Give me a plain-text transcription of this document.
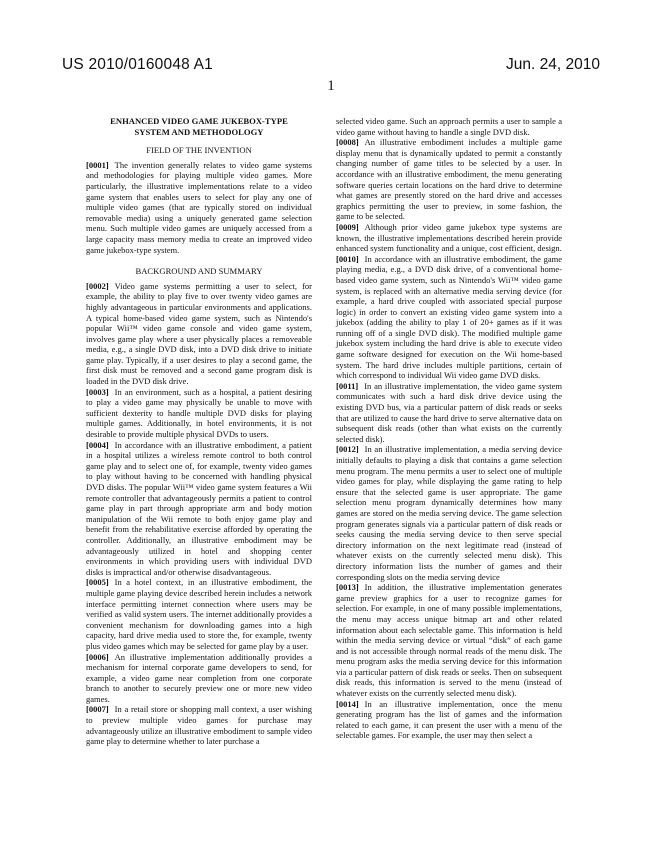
US 2010/0160048 A1	Jun. 24, 2010
1
ENHANCED VIDEO GAME JUKEBOX-TYPE
SYSTEM AND METHODOLOGY
FIELD OF THE INVENTION

[0001] The invention generally relates to video game systems and methodologies for playing multiple video games. More particularly, the illustrative implementations relate to a video game system that enables users to select for play any one of multiple video games (that are typically stored on individual removable media) using a uniquely generated game selection menu. Such multiple video games are uniquely accessed from a large capacity mass memory media to create an improved video game jukebox-type system.

BACKGROUND AND SUMMARY

[0002] Video game systems permitting a user to select, for example, the ability to play five to over twenty video games are highly advantageous in particular environments and applications. A typical home-based video game system, such as Nintendo's popular Wii™ video game console and video game system, involves game play where a user physically places a removeable media, e.g., a single DVD disk, into a DVD disk drive to initiate game play. Typically, if a user desires to play a second game, the first disk must be removed and a second game program disk is loaded in the DVD disk drive.

[0003] In an environment, such as a hospital, a patient desiring to play a video game may physically be unable to move with sufficient dexterity to handle multiple DVD disks for playing multiple games. Additionally, in hotel environments, it is not desirable to provide multiple physical DVDs to users.

[0004] In accordance with an illustrative embodiment, a patient in a hospital utilizes a wireless remote control to both control game play and to select one of, for example, twenty video games to play without having to be concerned with handling physical DVD disks. The popular Wii™ video game system features a Wii remote controller that advantageously permits a patient to control game play in part through appropriate arm and body motion manipulation of the Wii remote to both enjoy game play and benefit from the rehabilitative exercise afforded by operating the controller. Additionally, an illustrative embodiment may be advantageously utilized in hotel and shopping center environments in which providing users with individual DVD disks is impractical and/or otherwise disadvantageous.

[0005] In a hotel context, in an illustrative embodiment, the multiple game playing device described herein includes a network interface permitting internet connection where users may be verified as valid system users. The internet additionally provides a convenient mechanism for downloading games into a high capacity, hard drive media used to store the, for example, twenty plus video games which may be selected for game play by a user.

[0006] An illustrative implementation additionally provides a mechanism for internal corporate game developers to send, for example, a video game near completion from one corporate branch to another to securely preview one or more new video games.

[0007] In a retail store or shopping mall context, a user wishing to preview multiple video games for purchase may advantageously utilize an illustrative embodiment to sample video game play to determine whether to later purchase a

selected video game. Such an approach permits a user to sample a video game without having to handle a single DVD disk.

[0008] An illustrative embodiment includes a multiple game display menu that is dynamically updated to permit a constantly changing number of game titles to be selected by a user. In accordance with an illustrative embodiment, the menu generating software queries certain locations on the hard drive to determine what games are presently stored on the hard drive and accesses graphics permitting the user to preview, in some fashion, the game to be selected.

[0009] Although prior video game jukebox type systems are known, the illustrative implementations described herein provide enhanced system functionality and a unique, cost efficient, design.

[0010] In accordance with an illustrative embodiment, the game playing media, e.g., a DVD disk drive, of a conventional home-based video game system, such as Nintendo's Wii™ video game system, is replaced with an alternative media serving device (for example, a hard drive coupled with associated special purpose logic) in order to convert an existing video game system into a jukebox (adding the ability to play 1 of 20+ games as if it was running off of a single DVD disk). The modified multiple game jukebox system including the hard drive is able to execute video game software designed for execution on the Wii home-based system. The hard drive includes multiple partitions, certain of which correspond to individual Wii video game DVD disks.

[0011] In an illustrative implementation, the video game system communicates with such a hard disk drive device using the existing DVD bus, via a particular pattern of disk reads or seeks that are utilized to cause the hard drive to serve alternative data on subsequent disk reads (other than what exists on the currently selected disk).

[0012] In an illustrative implementation, a media serving device initially defaults to playing a disk that contains a game selection menu program. The menu permits a user to select one of multiple video games for play, while displaying the game rating to help ensure that the selected game is user appropriate. The game selection menu program dynamically determines how many games are stored on the media serving device. The game selection program generates signals via a particular pattern of disk reads or seeks causing the media serving device to then serve special directory information on the next legitimate read (instead of whatever exists on the currently selected menu disk). This directory information lists the number of games and their corresponding slots on the media serving device

[0013] In addition, the illustrative implementation generates game preview graphics for a user to recognize games for selection. For example, in one of many possible implementations, the menu may access unique bitmap art and other related information about each selectable game. This information is held within the media serving device or virtual “disk” of each game and is not accessible through normal reads of the menu disk. The menu program asks the media serving device for this information via a particular pattern of disk reads or seeks. Then on subsequent disk reads, this information is served to the menu (instead of whatever exists on the currently selected menu disk).

[0014] In an illustrative implementation, once the menu generating program has the list of games and the information related to each game, it can present the user with a menu of the selectable games. For example, the user may then select a
